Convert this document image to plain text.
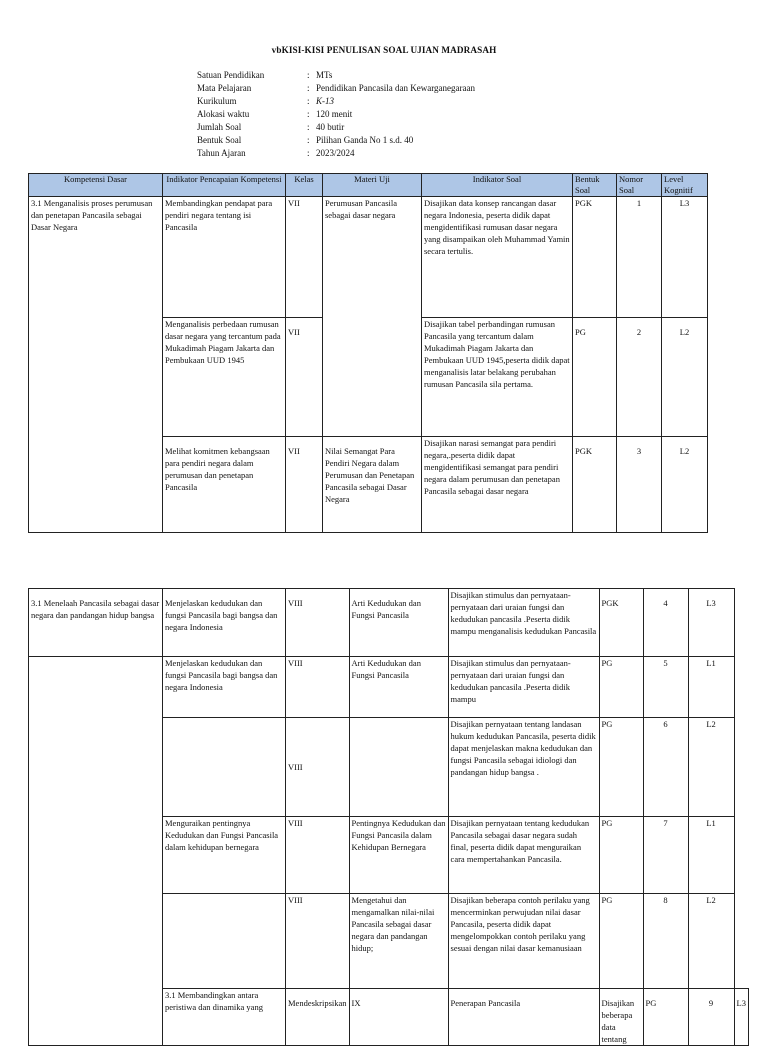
vbKISI-KISI PENULISAN SOAL UJIAN MADRASAH
Satuan Pendidikan	: MTs
Mata Pelajaran	: Pendidikan Pancasila dan Kewarganegaraan
Kurikulum	: K-13
Alokasi waktu	: 120 menit
Jumlah Soal	: 40 butir
Bentuk Soal	: Pilihan Ganda No 1 s.d. 40
Tahun Ajaran	: 2023/2024
Kompetensi Dasar	Indikator Pencapaian Kompetensi	Kelas	Materi Uji	Indikator Soal	Bentuk Soal	Nomor Soal	Level Kognitif
3.1 Menganalisis proses perumusan dan penetapan Pancasila sebagai Dasar Negara	Membandingkan pendapat para pendiri negara tentang isi Pancasila	VII	Perumusan Pancasila sebagai dasar negara	Disajikan data konsep rancangan dasar negara Indonesia, peserta didik dapat mengidentifikasi rumusan dasar negara yang disampaikan oleh Muhammad Yamin secara tertulis.	PGK	1	L3
	Menganalisis perbedaan rumusan dasar negara yang tercantum pada Mukadimah Piagam Jakarta dan Pembukaan UUD 1945	VII		Disajikan tabel perbandingan rumusan Pancasila yang tercantum dalam Mukadimah Piagam Jakarta dan Pembukaan UUD 1945,peserta didik dapat menganalisis latar belakang perubahan rumusan Pancasila sila pertama.	PG	2	L2
	Melihat komitmen kebangsaan para pendiri negara dalam perumusan dan penetapan Pancasila	VII	Nilai Semangat Para Pendiri Negara dalam Perumusan dan Penetapan Pancasila sebagai Dasar Negara	Disajikan narasi semangat para pendiri negara,.peserta didik dapat mengidentifikasi semangat para pendiri negara dalam perumusan dan penetapan Pancasila sebagai dasar negara	PGK	3	L2
3.1 Menelaah Pancasila sebagai dasar negara dan pandangan hidup bangsa	Menjelaskan kedudukan dan fungsi Pancasila bagi bangsa dan negara Indonesia	VIII	Arti Kedudukan dan Fungsi Pancasila	Disajikan stimulus dan pernyataan- pernyataan dari uraian fungsi dan kedudukan pancasila .Peserta didik mampu menganalisis kedudukan Pancasila	PGK	4	L3	
	Menjelaskan kedudukan dan fungsi Pancasila bagi bangsa dan negara Indonesia	VIII	Arti Kedudukan dan Fungsi Pancasila	Disajikan stimulus dan pernyataan- pernyataan dari uraian fungsi dan kedudukan pancasila .Peserta didik mampu	PG	5	L1	
		VIII		Disajikan pernyataan tentang landasan hukum kedudukan Pancasila, peserta didik dapat menjelaskan makna kedudukan dan fungsi Pancasila sebagai idiologi dan pandangan hidup bangsa .	PG	6	L2	
	Menguraikan pentingnya Kedudukan dan Fungsi Pancasila dalam kehidupan bernegara	VIII	Pentingnya Kedudukan dan Fungsi Pancasila dalam Kehidupan Bernegara	Disajikan pernyataan tentang kedudukan Pancasila sebagai dasar negara sudah final, peserta didik dapat menguraikan cara mempertahankan Pancasila.	PG	7	L1	
		VIII	Mengetahui dan mengamalkan nilai-nilai Pancasila sebagai dasar negara dan pandangan hidup;	Disajikan beberapa contoh perilaku yang mencerminkan perwujudan nilai dasar Pancasila, peserta didik dapat mengelompokkan contoh perilaku yang sesuai dengan nilai dasar kemanusiaan	PG	8	L2	
	3.1 Membandingkan antara peristiwa dan dinamika yang	Mendeskripsikan	IX	Penerapan Pancasila	Disajikan beberapa data tentang	PG	9	L3
